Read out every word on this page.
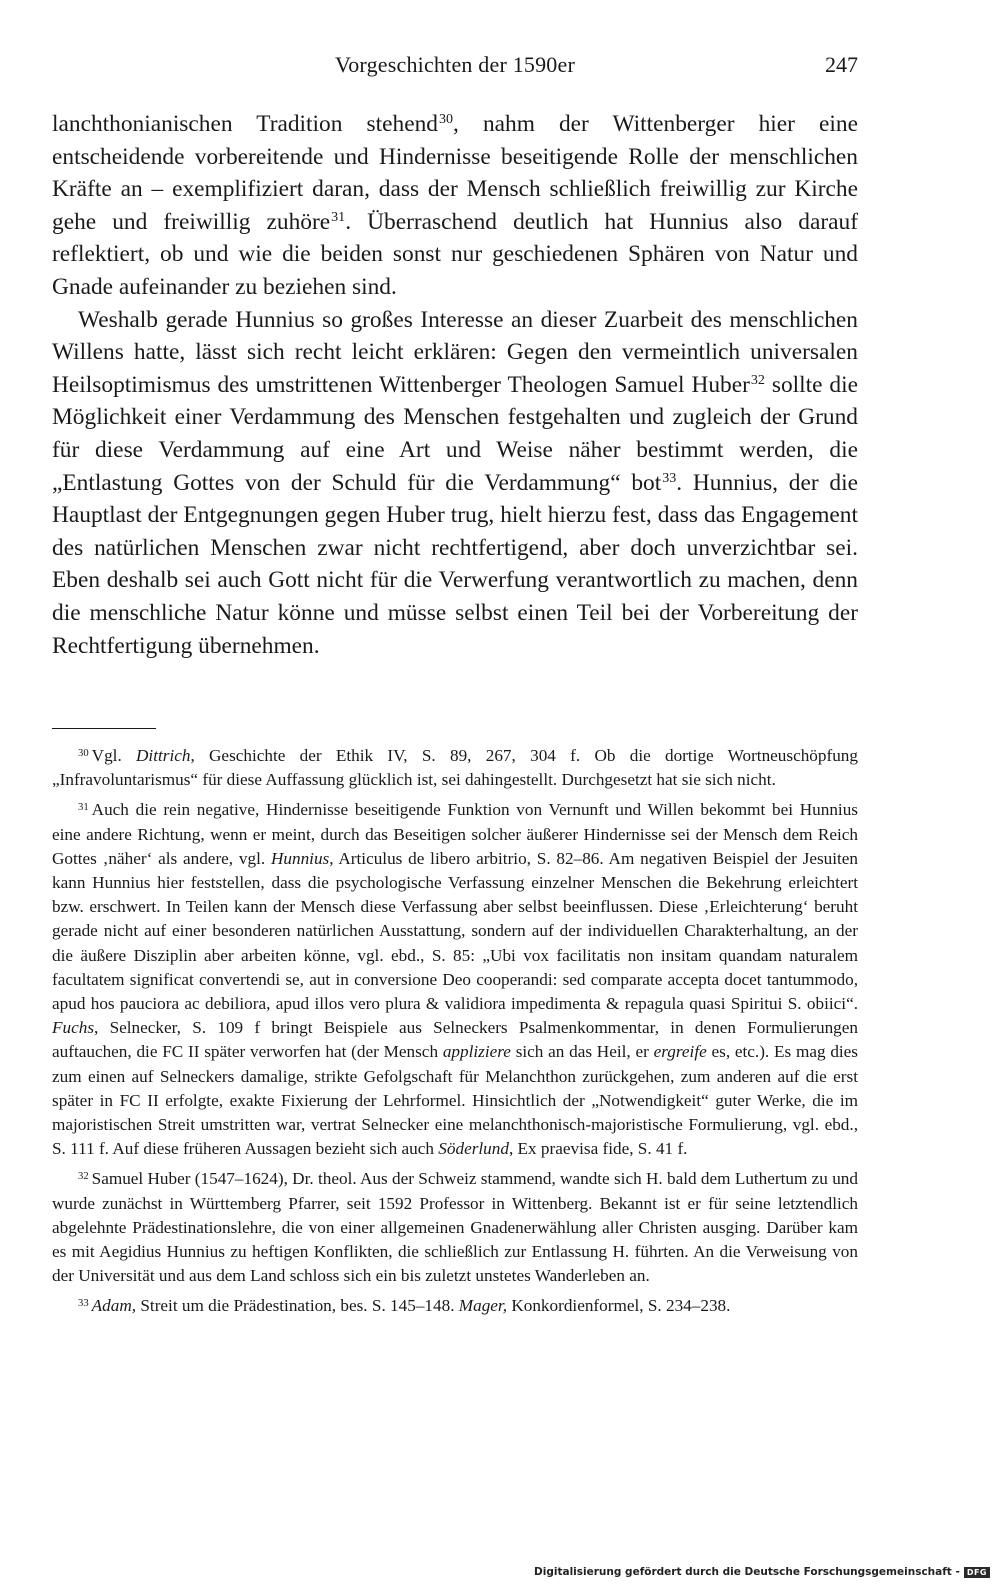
Vorgeschichten der 1590er	247

lanchthonianischen Tradition stehend$^{30}$, nahm der Wittenberger hier eine entscheidende vorbereitende und Hindernisse beseitigende Rolle der menschlichen Kräfte an – exemplifiziert daran, dass der Mensch schließlich freiwillig zur Kirche gehe und freiwillig zuhöre$^{31}$. Überraschend deutlich hat Hunnius also darauf reflektiert, ob und wie die beiden sonst nur geschiedenen Sphären von Natur und Gnade aufeinander zu beziehen sind.

Weshalb gerade Hunnius so großes Interesse an dieser Zuarbeit des menschlichen Willens hatte, lässt sich recht leicht erklären: Gegen den vermeintlich universalen Heilsoptimismus des umstrittenen Wittenberger Theologen Samuel Huber$^{32}$ sollte die Möglichkeit einer Verdammung des Menschen festgehalten und zugleich der Grund für diese Verdammung auf eine Art und Weise näher bestimmt werden, die „Entlastung Gottes von der Schuld für die Verdammung“ bot$^{33}$. Hunnius, der die Hauptlast der Entgegnungen gegen Huber trug, hielt hierzu fest, dass das Engagement des natürlichen Menschen zwar nicht rechtfertigend, aber doch unverzichtbar sei. Eben deshalb sei auch Gott nicht für die Verwerfung verantwortlich zu machen, denn die menschliche Natur könne und müsse selbst einen Teil bei der Vorbereitung der Rechtfertigung übernehmen.

$^{30}$ Vgl. Dittrich, Geschichte der Ethik IV, S. 89, 267, 304 f. Ob die dortige Wortneuschöpfung „Infravoluntarismus“ für diese Auffassung glücklich ist, sei dahingestellt. Durchgesetzt hat sie sich nicht.

$^{31}$ Auch die rein negative, Hindernisse beseitigende Funktion von Vernunft und Willen bekommt bei Hunnius eine andere Richtung, wenn er meint, durch das Beseitigen solcher äußerer Hindernisse sei der Mensch dem Reich Gottes ‚näher‘ als andere, vgl. Hunnius, Articulus de libero arbitrio, S. 82–86. Am negativen Beispiel der Jesuiten kann Hunnius hier feststellen, dass die psychologische Verfassung einzelner Menschen die Bekehrung erleichtert bzw. erschwert. In Teilen kann der Mensch diese Verfassung aber selbst beeinflussen. Diese ‚Erleichterung‘ beruht gerade nicht auf einer besonderen natürlichen Ausstattung, sondern auf der individuellen Charakterhaltung, an der die äußere Disziplin aber arbeiten könne, vgl. ebd., S. 85: „Ubi vox facilitatis non insitam quandam naturalem facultatem significat convertendi se, aut in conversione Deo cooperandi: sed comparate accepta docet tantummodo, apud hos pauciora ac debiliora, apud illos vero plura & validiora impedimenta & repagula quasi Spiritui S. obiici“. Fuchs, Selnecker, S. 109 f bringt Beispiele aus Selneckers Psalmenkommentar, in denen Formulierungen auftauchen, die FC II später verworfen hat (der Mensch appliziere sich an das Heil, er ergreife es, etc.). Es mag dies zum einen auf Selneckers damalige, strikte Gefolgschaft für Melanchthon zurückgehen, zum anderen auf die erst später in FC II erfolgte, exakte Fixierung der Lehrformel. Hinsichtlich der „Notwendigkeit“ guter Werke, die im majoristischen Streit umstritten war, vertrat Selnecker eine melanchthonisch-majoristische Formulierung, vgl. ebd., S. 111 f. Auf diese früheren Aussagen bezieht sich auch Söderlund, Ex praevisa fide, S. 41 f.

$^{32}$ Samuel Huber (1547–1624), Dr. theol. Aus der Schweiz stammend, wandte sich H. bald dem Luthertum zu und wurde zunächst in Württemberg Pfarrer, seit 1592 Professor in Wittenberg. Bekannt ist er für seine letztendlich abgelehnte Prädestinationslehre, die von einer allgemeinen Gnadenerwählung aller Christen ausging. Darüber kam es mit Aegidius Hunnius zu heftigen Konflikten, die schließlich zur Entlassung H. führten. An die Verweisung von der Universität und aus dem Land schloss sich ein bis zuletzt unstetes Wanderleben an.

$^{33}$ Adam, Streit um die Prädestination, bes. S. 145–148. Mager, Konkordienformel, S. 234–238.

Digitalisierung gefördert durch die Deutsche Forschungsgemeinschaft - DFG
